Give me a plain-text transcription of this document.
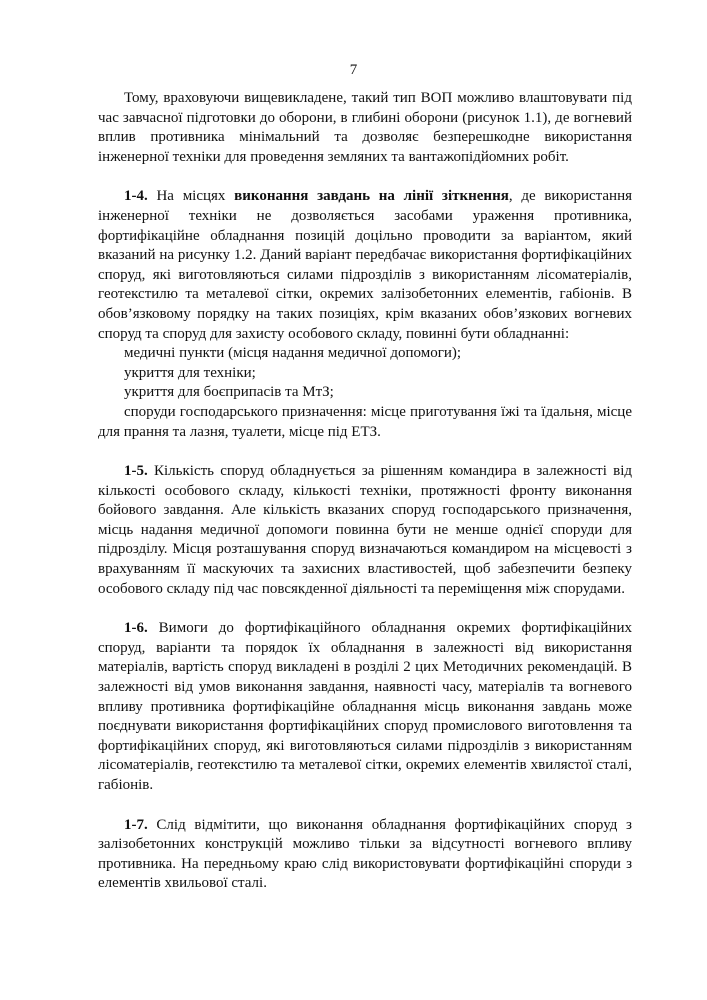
7

Тому, враховуючи вищевикладене, такий тип ВОП можливо влаштовувати під час завчасної підготовки до оборони, в глибині оборони (рисунок 1.1), де вогневий вплив противника мінімальний та дозволяє безперешкодне використання інженерної техніки для проведення земляних та вантажопідйомних робіт.

1-4. На місцях виконання завдань на лінії зіткнення, де використання інженерної техніки не дозволяється засобами ураження противника, фортифікаційне обладнання позицій доцільно проводити за варіантом, який вказаний на рисунку 1.2. Даний варіант передбачає використання фортифікаційних споруд, які виготовляються силами підрозділів з використанням лісоматеріалів, геотекстилю та металевої сітки, окремих залізобетонних елементів, габіонів. В обов’язковому порядку на таких позиціях, крім вказаних обов’язкових вогневих споруд та споруд для захисту особового складу, повинні бути обладнанні:

медичні пункти (місця надання медичної допомоги);
укриття для техніки;
укриття для боєприпасів та МтЗ;
споруди господарського призначення: місце приготування їжі та їдальня, місце для прання та лазня, туалети, місце під ЕТЗ.

1-5. Кількість споруд обладнується за рішенням командира в залежності від кількості особового складу, кількості техніки, протяжності фронту виконання бойового завдання. Але кількість вказаних споруд господарського призначення, місць надання медичної допомоги повинна бути не менше однієї споруди для підрозділу. Місця розташування споруд визначаються командиром на місцевості з врахуванням її маскуючих та захисних властивостей, щоб забезпечити безпеку особового складу під час повсякденної діяльності та переміщення між спорудами.

1-6. Вимоги до фортифікаційного обладнання окремих фортифікаційних споруд, варіанти та порядок їх обладнання в залежності від використання матеріалів, вартість споруд викладені в розділі 2 цих Методичних рекомендацій. В залежності від умов виконання завдання, наявності часу, матеріалів та вогневого впливу противника фортифікаційне обладнання місць виконання завдань може поєднувати використання фортифікаційних споруд промислового виготовлення та фортифікаційних споруд, які виготовляються силами підрозділів з використанням лісоматеріалів, геотекстилю та металевої сітки, окремих елементів хвилястої сталі, габіонів.

1-7. Слід відмітити, що виконання обладнання фортифікаційних споруд з залізобетонних конструкцій можливо тільки за відсутності вогневого впливу противника. На передньому краю слід використовувати фортифікаційні споруди з елементів хвильової сталі.
